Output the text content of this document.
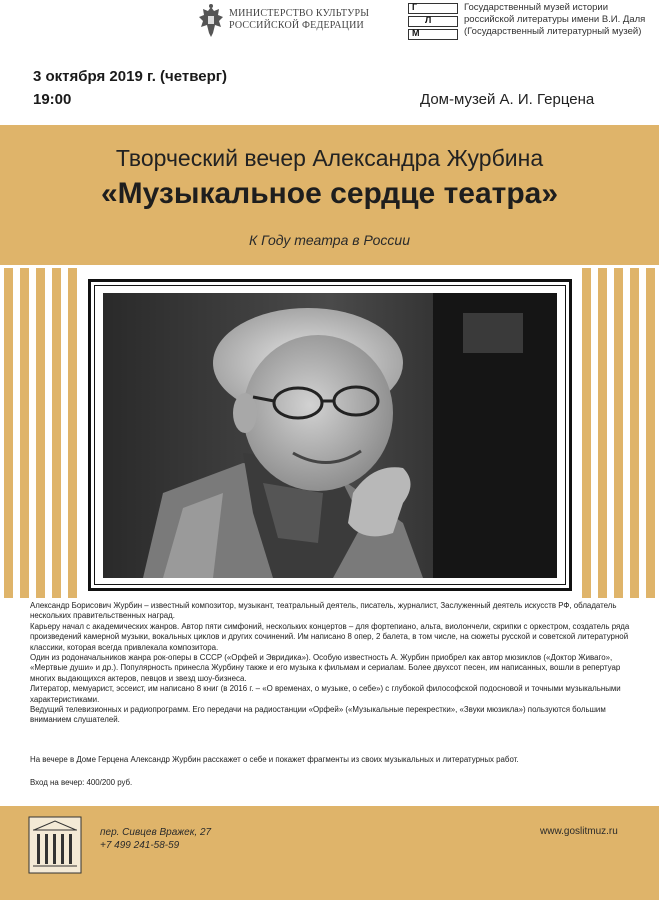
МИНИСТЕРСТВО КУЛЬТУРЫ
РОССИЙСКОЙ ФЕДЕРАЦИИ
Г
Л
М
Государственный музей истории
российской литературы имени В.И. Даля
(Государственный литературный музей)
3 октября 2019 г. (четверг)
19:00	Дом-музей А. И. Герцена
Творческий вечер Александра Журбина
«Музыкальное сердце театра»
К Году театра в России

Александр Борисович Журбин – известный композитор, музыкант, театральный деятель, писатель, журналист, Заслуженный деятель искусств РФ, обладатель нескольких правительственных наград.

Карьеру начал с академических жанров. Автор пяти симфоний, нескольких концертов – для фортепиано, альта, виолончели, скрипки с оркестром, создатель ряда произведений камерной музыки, вокальных циклов и других сочинений. Им написано 8 опер, 2 балета, в том числе, на сюжеты русской и советской литературной классики, которая всегда привлекала композитора.

Один из родоначальников жанра рок-оперы в СССР («Орфей и Эвридика»). Особую известность А. Журбин приобрел как автор мюзиклов («Доктор Живаго», «Мертвые души» и др.). Популярность принесла Журбину также и его музыка к фильмам и сериалам. Более двухсот песен, им написанных, вошли в репертуар многих выдающихся актеров, певцов и звезд шоу-бизнеса.

Литератор, мемуарист, эссеист, им написано 8 книг (в 2016 г. – «О временах, о музыке, о себе») с глубокой философской подосновой и точными музыкальными характеристиками.

Ведущий телевизионных и радиопрограмм. Его передачи на радиостанции «Орфей» («Музыкальные перекрестки», «Звуки мюзикла») пользуются большим вниманием слушателей.

На вечере в Доме Герцена Александр Журбин расскажет о себе и покажет фрагменты из своих музыкальных и литературных работ.
Вход на вечер: 400/200 руб.
пер. Сивцев Вражек, 27
+7 499 241-58-59
www.goslitmuz.ru
